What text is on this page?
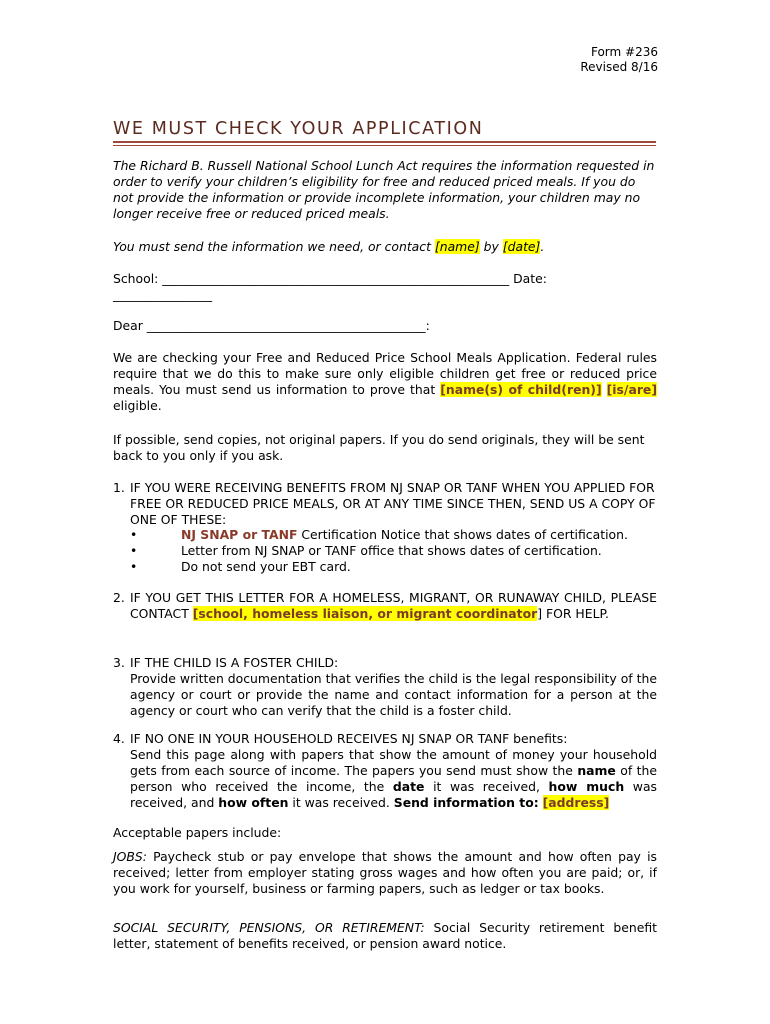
Form #236
Revised 8/16
WE MUST CHECK YOUR APPLICATION

The Richard B. Russell National School Lunch Act requires the information requested in order to verify your children’s eligibility for free and reduced priced meals. If you do not provide the information or provide incomplete information, your children may no longer receive free or reduced priced meals.

You must send the information we need, or contact [name] by [date].

School: ________________________________________________________ Date:
________________

Dear _____________________________________________:

We are checking your Free and Reduced Price School Meals Application. Federal rules require that we do this to make sure only eligible children get free or reduced price meals. You must send us information to prove that [name(s) of child(ren)] [is/are] eligible.

If possible, send copies, not original papers. If you do send originals, they will be sent back to you only if you ask.

1. IF YOU WERE RECEIVING BENEFITS FROM NJ SNAP OR TANF WHEN YOU APPLIED FOR FREE OR REDUCED PRICE MEALS, OR AT ANY TIME SINCE THEN, SEND US A COPY OF ONE OF THESE:

•	NJ SNAP or TANF Certification Notice that shows dates of certification.
•	Letter from NJ SNAP or TANF office that shows dates of certification.
•	Do not send your EBT card.
2. IF YOU GET THIS LETTER FOR A HOMELESS, MIGRANT, OR RUNAWAY CHILD, PLEASE CONTACT [school, homeless liaison, or migrant coordinator] FOR HELP.

3. IF THE CHILD IS A FOSTER CHILD:

Provide written documentation that verifies the child is the legal responsibility of the agency or court or provide the name and contact information for a person at the agency or court who can verify that the child is a foster child.

4. IF NO ONE IN YOUR HOUSEHOLD RECEIVES NJ SNAP OR TANF benefits:

Send this page along with papers that show the amount of money your household gets from each source of income. The papers you send must show the name of the person who received the income, the date it was received, how much was received, and how often it was received. Send information to: [address]

Acceptable papers include:

JOBS: Paycheck stub or pay envelope that shows the amount and how often pay is received; letter from employer stating gross wages and how often you are paid; or, if you work for yourself, business or farming papers, such as ledger or tax books.

SOCIAL SECURITY, PENSIONS, OR RETIREMENT: Social Security retirement benefit letter, statement of benefits received, or pension award notice.
